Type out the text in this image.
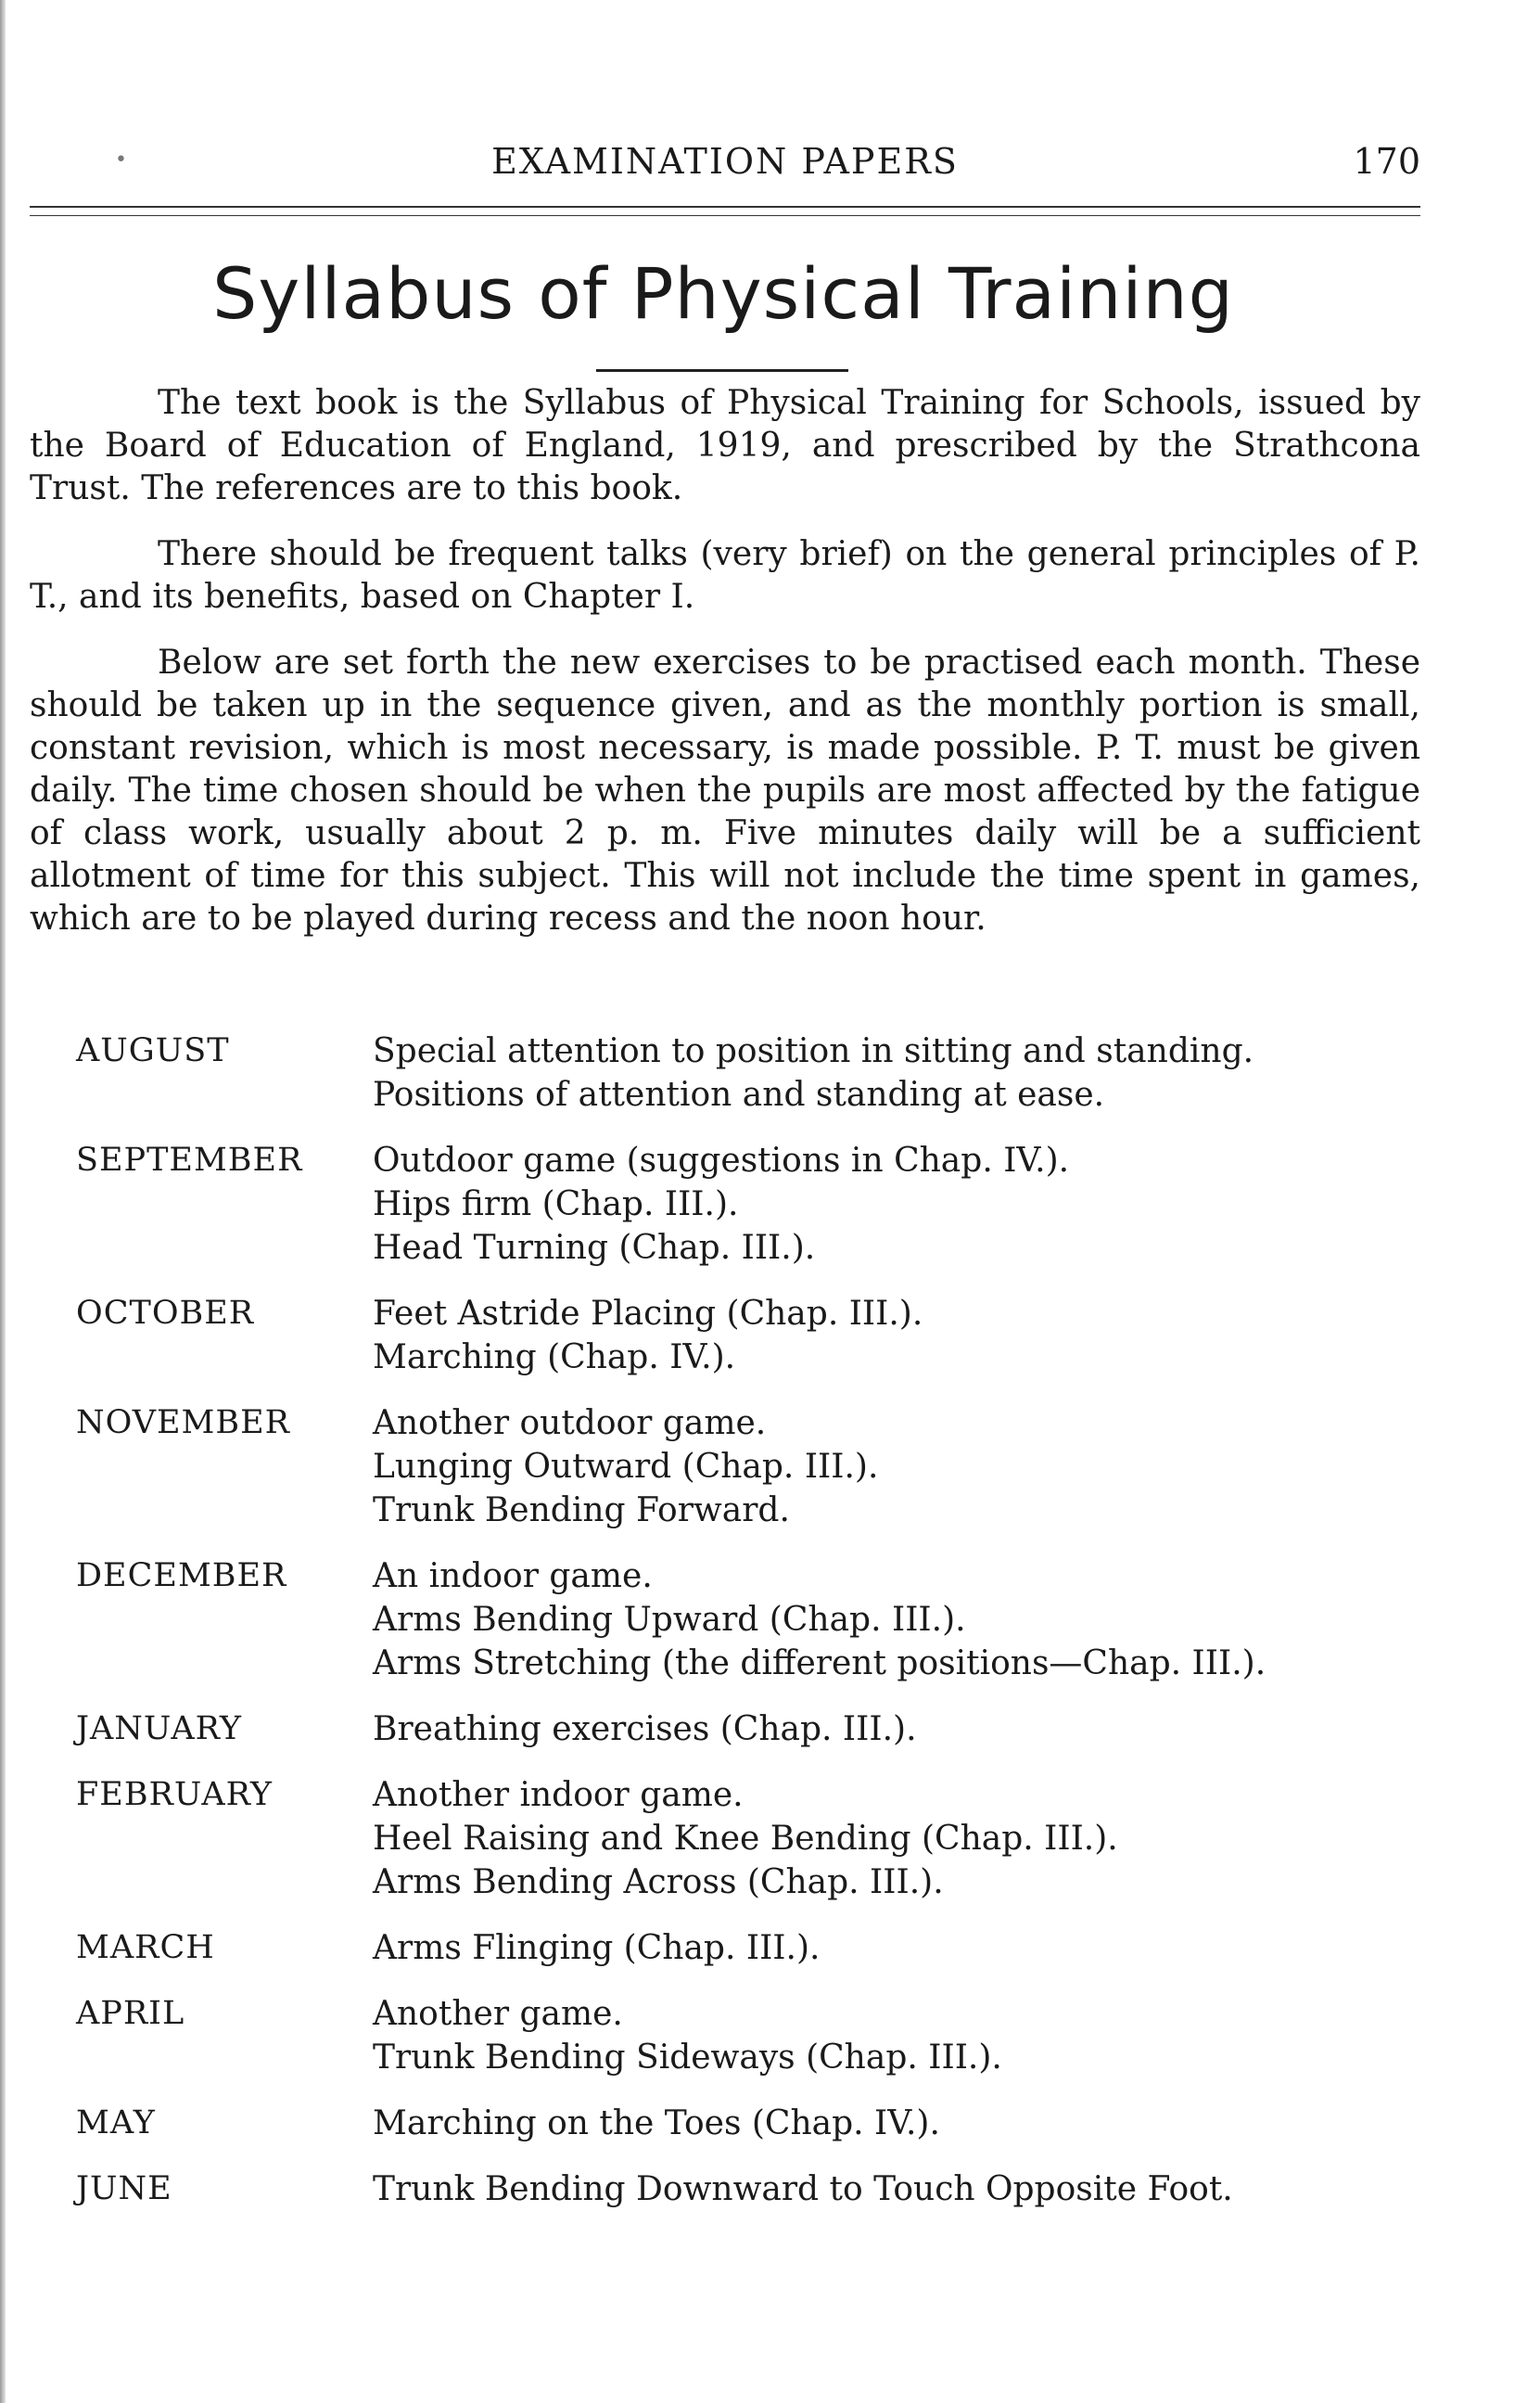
•	EXAMINATION PAPERS	170
Syllabus of Physical Training

The text book is the Syllabus of Physical Training for Schools, issued by the Board of Education of England, 1919, and prescribed by the Strathcona Trust. The references are to this book.

There should be frequent talks (very brief) on the general principles of P. T., and its benefits, based on Chapter I.

Below are set forth the new exercises to be practised each month. These should be taken up in the sequence given, and as the monthly portion is small, constant revision, which is most necessary, is made possible. P. T. must be given daily. The time chosen should be when the pupils are most affected by the fatigue of class work, usually about 2 p. m. Five minutes daily will be a sufficient allotment of time for this subject. This will not include the time spent in games, which are to be played during recess and the noon hour.

AUGUST	Special attention to position in sitting and standing.
Positions of attention and standing at ease.
SEPTEMBER	Outdoor game (suggestions in Chap. IV.).
Hips firm (Chap. III.).
Head Turning (Chap. III.).
OCTOBER	Feet Astride Placing (Chap. III.).
Marching (Chap. IV.).
NOVEMBER	Another outdoor game.
Lunging Outward (Chap. III.).
Trunk Bending Forward.
DECEMBER	An indoor game.
Arms Bending Upward (Chap. III.).
Arms Stretching (the different positions—Chap. III.).
JANUARY	Breathing exercises (Chap. III.).
FEBRUARY	Another indoor game.
Heel Raising and Knee Bending (Chap. III.).
Arms Bending Across (Chap. III.).
MARCH	Arms Flinging (Chap. III.).
APRIL	Another game.
Trunk Bending Sideways (Chap. III.).
MAY	Marching on the Toes (Chap. IV.).
JUNE	Trunk Bending Downward to Touch Opposite Foot.
